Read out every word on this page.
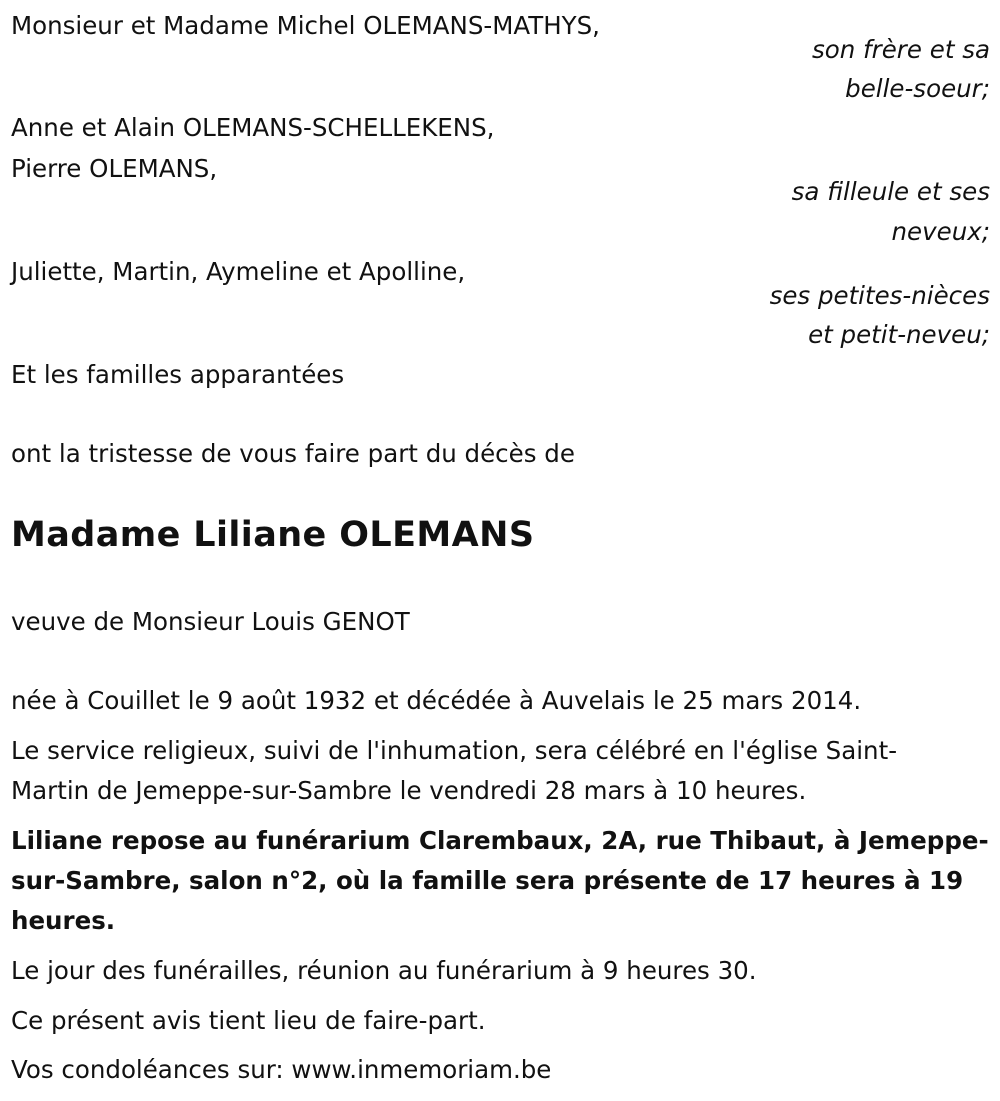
Monsieur et Madame Michel OLEMANS-MATHYS,

son frère et sa

belle-soeur;

Anne et Alain OLEMANS-SCHELLEKENS,

Pierre OLEMANS,

sa filleule et ses

neveux;

Juliette, Martin, Aymeline et Apolline,

ses petites-nièces

et petit-neveu;

Et les familles apparantées

ont la tristesse de vous faire part du décès de

Madame Liliane OLEMANS

veuve de Monsieur Louis GENOT

née à Couillet le 9 août 1932 et décédée à Auvelais le 25 mars 2014.

Le service religieux, suivi de l'inhumation, sera célébré en l'église Saint-

Martin de Jemeppe-sur-Sambre le vendredi 28 mars à 10 heures.

Liliane repose au funérarium Clarembaux, 2A, rue Thibaut, à Jemeppe-

sur-Sambre, salon n°2, où la famille sera présente de 17 heures à 19

heures.

Le jour des funérailles, réunion au funérarium à 9 heures 30.

Ce présent avis tient lieu de faire-part.

Vos condoléances sur: www.inmemoriam.be
